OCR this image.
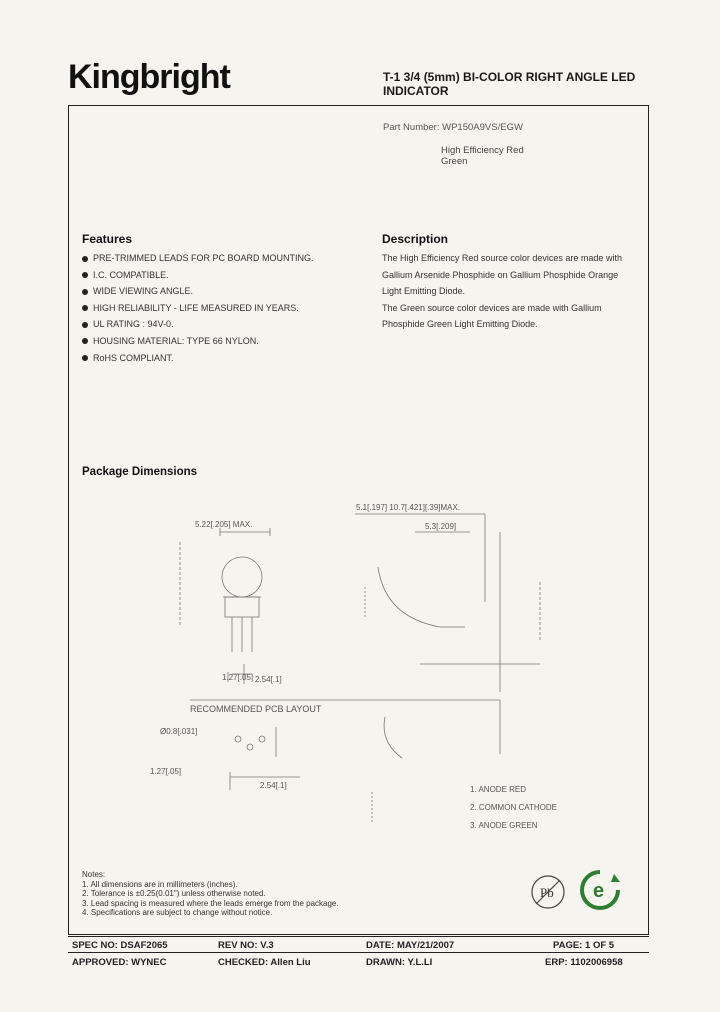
Kingbright	T-1 3/4 (5mm) BI-COLOR RIGHT ANGLE LED
INDICATOR
Part Number: WP150A9VS/EGW
High Efficiency Red
Green
Features
PRE-TRIMMED LEADS FOR PC BOARD MOUNTING.
I.C. COMPATIBLE.
WIDE VIEWING ANGLE.
HIGH RELIABILITY - LIFE MEASURED IN YEARS.
UL RATING : 94V-0.
HOUSING MATERIAL: TYPE 66 NYLON.
RoHS COMPLIANT.
Description

The High Efficiency Red source color devices are made with

Gallium Arsenide Phosphide on Gallium Phosphide Orange

Light Emitting Diode.

The Green source color devices are made with Gallium

Phosphide Green Light Emitting Diode.

Package Dimensions
5.22[.205] MAX.
5.1[.197] 10.7[.421][.39]MAX.
5.3[.209]
1.27[.05] 2.54[.1]
RECOMMENDED PCB LAYOUT
Ø0.8[.031]
1.27[.05]
2.54[.1]	1. ANODE RED
2. COMMON CATHODE
3. ANODE GREEN
Notes:
1. All dimensions are in millimeters (inches).
2. Tolerance is ±0.25(0.01") unless otherwise noted.
3. Lead spacing is measured where the leads emerge from the package.
4. Specifications are subject to change without notice.
Pb e
SPEC NO: DSAF2065	REV NO: V.3	DATE: MAY/21/2007	PAGE: 1 OF 5
APPROVED: WYNEC	CHECKED: Allen Liu	DRAWN: Y.L.LI	ERP: 1102006958
